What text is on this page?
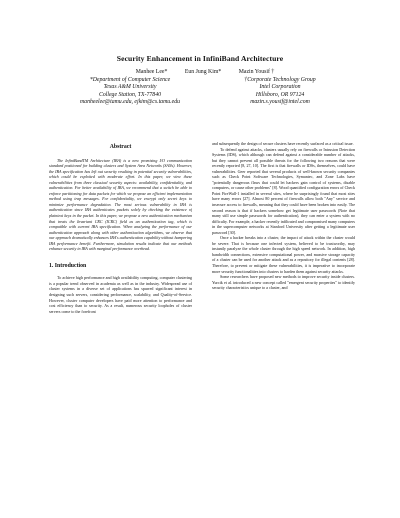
Security Enhancement in InfiniBand Architecture
Manhee Lee*	Eun Jung Kim*	Mazin Yousif †
*Department of Computer Science
Texas A&M University
College Station, TX-77840
manheelee@tamu.edu, ejkim@cs.tamu.edu
†Corporate Technology Group
Intel Corporation
Hillsboro, OR 97124
mazin.s.yousif@intel.com
Abstract

The InfiniBandTM Architecture (IBA) is a new promising I/O communication standard positioned for building clusters and System Area Networks (SANs). However, the IBA specification has left out security resulting in potential security vulnerabilities, which could be exploited with moderate effort. In this paper, we view these vulnerabilities from three classical security aspects: availability, confidentiality, and authentication. For better availability of IBA, we recommend that a switch be able to enforce partitioning for data packets for which we propose an efficient implementation method using trap messages. For confidentiality, we encrypt only secret keys to minimize performance degradation. The most serious vulnerability in IBA is authentication since IBA authenticates packets solely by checking the existence of plaintext keys in the packet. In this paper, we propose a new authentication mechanism that treats the Invariant CRC (ICRC) field as an authentication tag, which is compatible with current IBA specification. When analyzing the performance of our authentication approach along with other authentication algorithms, we observe that our approach dramatically enhances IBA's authentication capability without hampering IBA performance benefit. Furthermore, simulation results indicate that our methods enhance security in IBA with marginal performance overhead.

1. Introduction

To achieve high performance and high availability computing, computer clustering is a popular trend observed in academia as well as in the industry. Widespread use of cluster systems in a diverse set of applications has spurred significant interest in designing such servers, considering performance, scalability, and Quality-of-Service. However, cluster computer developers have paid more attention to performance and cost efficiency than to security. As a result, numerous security loopholes of cluster servers come to the forefront

and subsequently the design of secure clusters have recently surfaced as a critical issue.

To defend against attacks, clusters usually rely on firewalls or Intrusion Detection Systems (IDS), which although can defend against a considerable number of attacks, but they cannot prevent all possible threats for the following two reasons that were recently reported [8, 27, 10]. The first is that firewalls or IDSs, themselves, could have vulnerabilities. Geer reported that several products of well-known security companies such as Check Point Software Technologies, Symantec, and Zone Labs have "potentially dangerous flaws that could let hackers gain control of systems, disable computers, or cause other problems" [8]. Wood quantified configuration errors of Check Point FireWall-1 installed in several sites, where he surprisingly found that most sites have many errors [27]. Almost 80 percent of firewalls allow both "Any" service and insecure access to firewalls, meaning that they could have been broken into easily. The second reason is that if hackers somehow get legitimate user passwords (Note that many still use simple passwords for authentication), they can enter a system with no difficulty. For example, a hacker recently infiltrated and compromised many computers in the supercomputer networks at Stanford University after getting a legitimate user password [30].

Once a hacker breaks into a cluster, the impact of attack within the cluster would be severe. That is because one infected system, believed to be trustworthy, may instantly paralyze the whole cluster through the high speed network. In addition, high bandwidth connections, extensive computational power, and massive storage capacity of a cluster can be used for another attack and as a repository for illegal contents [28]. Therefore, to prevent or mitigate these vulnerabilities, it is imperative to incorporate more security functionalities into clusters to harden them against security attacks.

Some researchers have proposed new methods to improve security inside clusters. Yurcik et al. introduced a new concept called "emergent security properties" to identify security characteristics unique to a cluster, and
